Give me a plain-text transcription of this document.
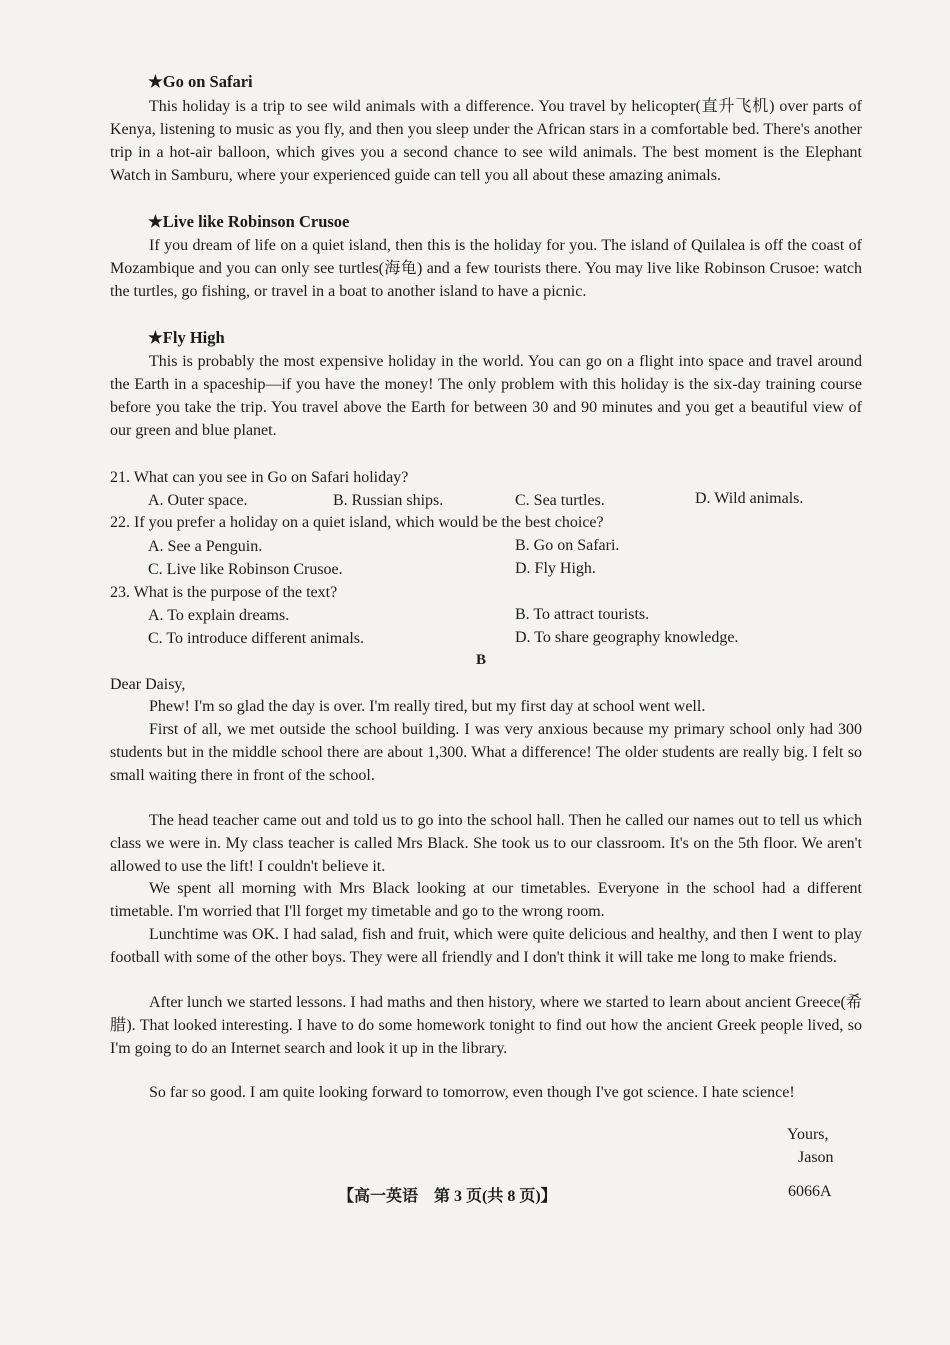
★Go on Safari
This holiday is a trip to see wild animals with a difference. You travel by helicopter(直升飞机) over parts of Kenya, listening to music as you fly, and then you sleep under the African stars in a comfortable bed. There's another trip in a hot-air balloon, which gives you a second chance to see wild animals. The best moment is the Elephant Watch in Samburu, where your experienced guide can tell you all about these amazing animals.
★Live like Robinson Crusoe
If you dream of life on a quiet island, then this is the holiday for you. The island of Quilalea is off the coast of Mozambique and you can only see turtles(海龟) and a few tourists there. You may live like Robinson Crusoe: watch the turtles, go fishing, or travel in a boat to another island to have a picnic.
★Fly High
This is probably the most expensive holiday in the world. You can go on a flight into space and travel around the Earth in a spaceship—if you have the money! The only problem with this holiday is the six-day training course before you take the trip. You travel above the Earth for between 30 and 90 minutes and you get a beautiful view of our green and blue planet.
21. What can you see in Go on Safari holiday?
A. Outer space.	B. Russian ships.	C. Sea turtles.	D. Wild animals.
22. If you prefer a holiday on a quiet island, which would be the best choice?
A. See a Penguin.	B. Go on Safari.
C. Live like Robinson Crusoe.	D. Fly High.
23. What is the purpose of the text?
A. To explain dreams.	B. To attract tourists.
C. To introduce different animals.	D. To share geography knowledge.
B
Dear Daisy,
Phew! I'm so glad the day is over. I'm really tired, but my first day at school went well.
First of all, we met outside the school building. I was very anxious because my primary school only had 300 students but in the middle school there are about 1,300. What a difference! The older students are really big. I felt so small waiting there in front of the school.
The head teacher came out and told us to go into the school hall. Then he called our names out to tell us which class we were in. My class teacher is called Mrs Black. She took us to our classroom. It's on the 5th floor. We aren't allowed to use the lift! I couldn't believe it.
We spent all morning with Mrs Black looking at our timetables. Everyone in the school had a different timetable. I'm worried that I'll forget my timetable and go to the wrong room.
Lunchtime was OK. I had salad, fish and fruit, which were quite delicious and healthy, and then I went to play football with some of the other boys. They were all friendly and I don't think it will take me long to make friends.
After lunch we started lessons. I had maths and then history, where we started to learn about ancient Greece(希腊). That looked interesting. I have to do some homework tonight to find out how the ancient Greek people lived, so I'm going to do an Internet search and look it up in the library.
So far so good. I am quite looking forward to tomorrow, even though I've got science. I hate science!
Yours,
Jason
【高一英语　第 3 页(共 8 页)】	6066A
